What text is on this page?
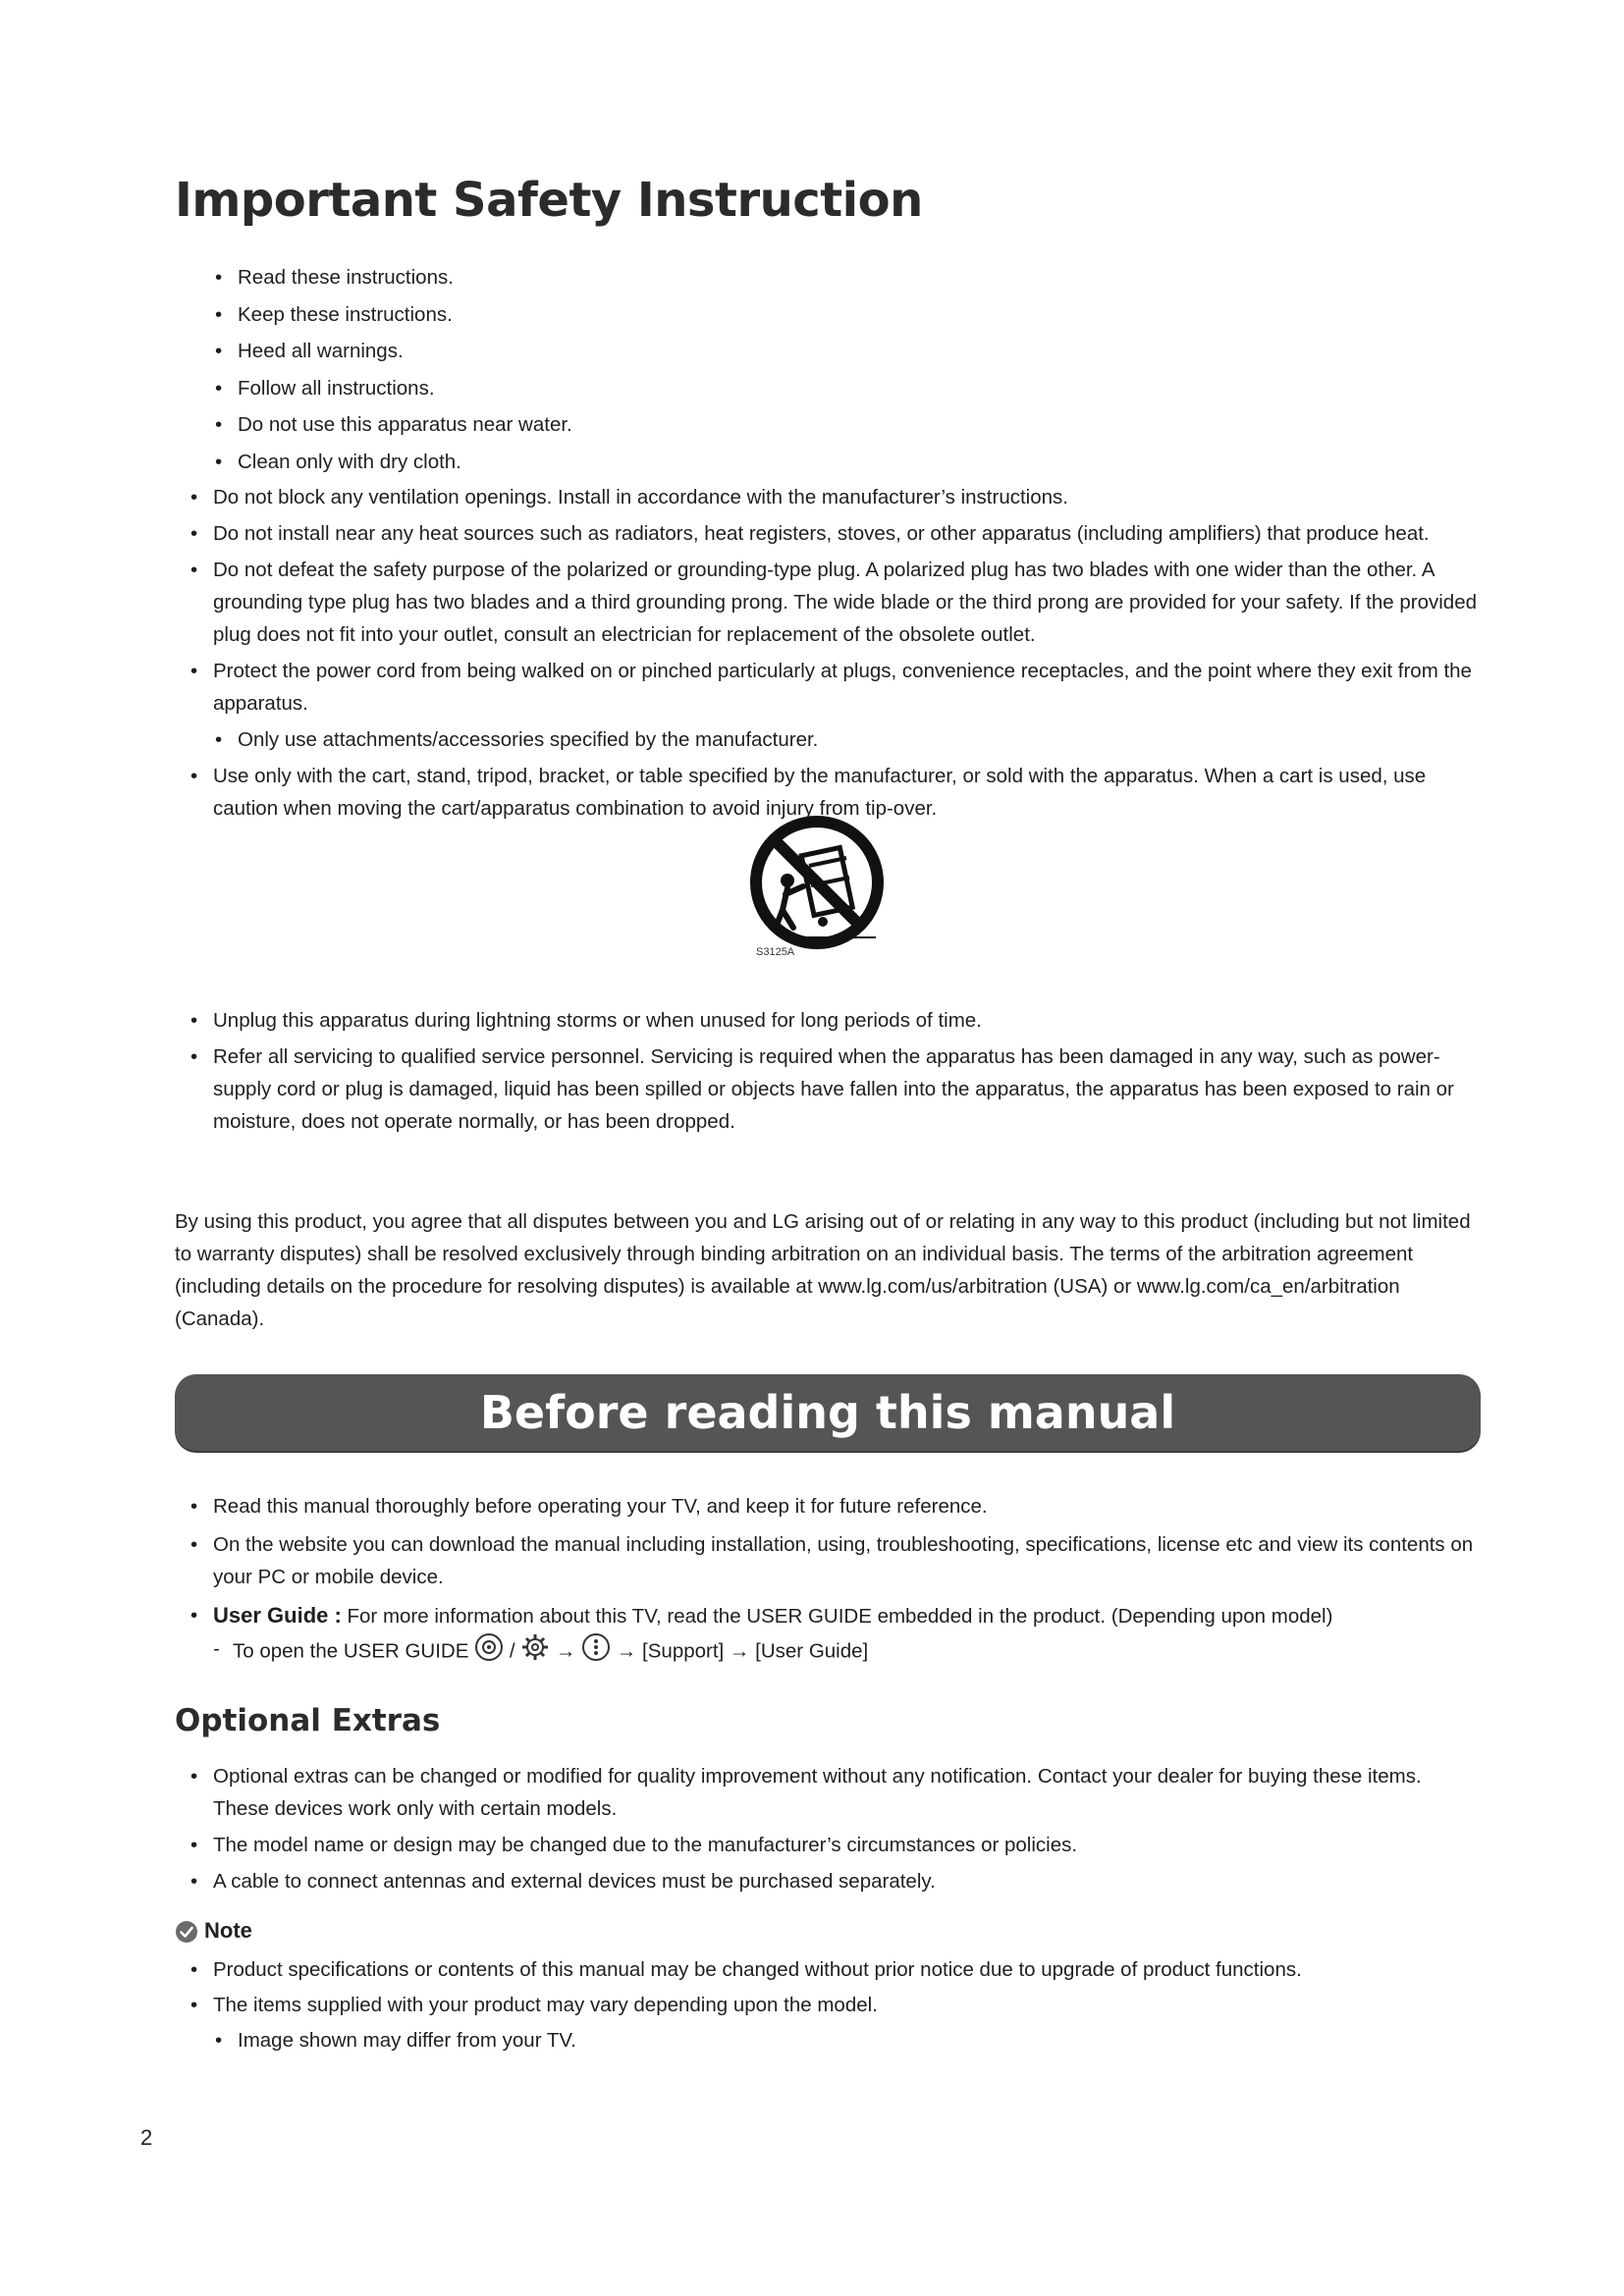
Important Safety Instruction
• Read these instructions.
• Keep these instructions.
• Heed all warnings.
• Follow all instructions.
• Do not use this apparatus near water.
• Clean only with dry cloth.
• Do not block any ventilation openings. Install in accordance with the manufacturer’s instructions.
• Do not install near any heat sources such as radiators, heat registers, stoves, or other apparatus (including amplifiers) that produce heat.
• Do not defeat the safety purpose of the polarized or grounding-type plug. A polarized plug has two blades with one wider than the other. A grounding type plug has two blades and a third grounding prong. The wide blade or the third prong are provided for your safety. If the provided plug does not fit into your outlet, consult an electrician for replacement of the obsolete outlet.
• Protect the power cord from being walked on or pinched particularly at plugs, convenience receptacles, and the point where they exit from the apparatus.
• Only use attachments/accessories specified by the manufacturer.
• Use only with the cart, stand, tripod, bracket, or table specified by the manufacturer, or sold with the apparatus. When a cart is used, use caution when moving the cart/apparatus combination to avoid injury from tip-over.
S3125A
• Unplug this apparatus during lightning storms or when unused for long periods of time.
• Refer all servicing to qualified service personnel. Servicing is required when the apparatus has been damaged in any way, such as power-supply cord or plug is damaged, liquid has been spilled or objects have fallen into the apparatus, the apparatus has been exposed to rain or moisture, does not operate normally, or has been dropped.

By using this product, you agree that all disputes between you and LG arising out of or relating in any way to this product (including but not limited to warranty disputes) shall be resolved exclusively through binding arbitration on an individual basis. The terms of the arbitration agreement (including details on the procedure for resolving disputes) is available at www.lg.com/us/arbitration (USA) or www.lg.com/ca_en/arbitration (Canada).

Before reading this manual
• Read this manual thoroughly before operating your TV, and keep it for future reference.
• On the website you can download the manual including installation, using, troubleshooting, specifications, license etc and view its contents on your PC or mobile device.
• User Guide : For more information about this TV, read the USER GUIDE embedded in the product. (Depending upon model)
- To open the USER GUIDE / → → [Support] → [User Guide]
Optional Extras
• Optional extras can be changed or modified for quality improvement without any notification. Contact your dealer for buying these items. These devices work only with certain models.
• The model name or design may be changed due to the manufacturer’s circumstances or policies.
• A cable to connect antennas and external devices must be purchased separately.
Note
• Product specifications or contents of this manual may be changed without prior notice due to upgrade of product functions.
• The items supplied with your product may vary depending upon the model.
• Image shown may differ from your TV.

2
